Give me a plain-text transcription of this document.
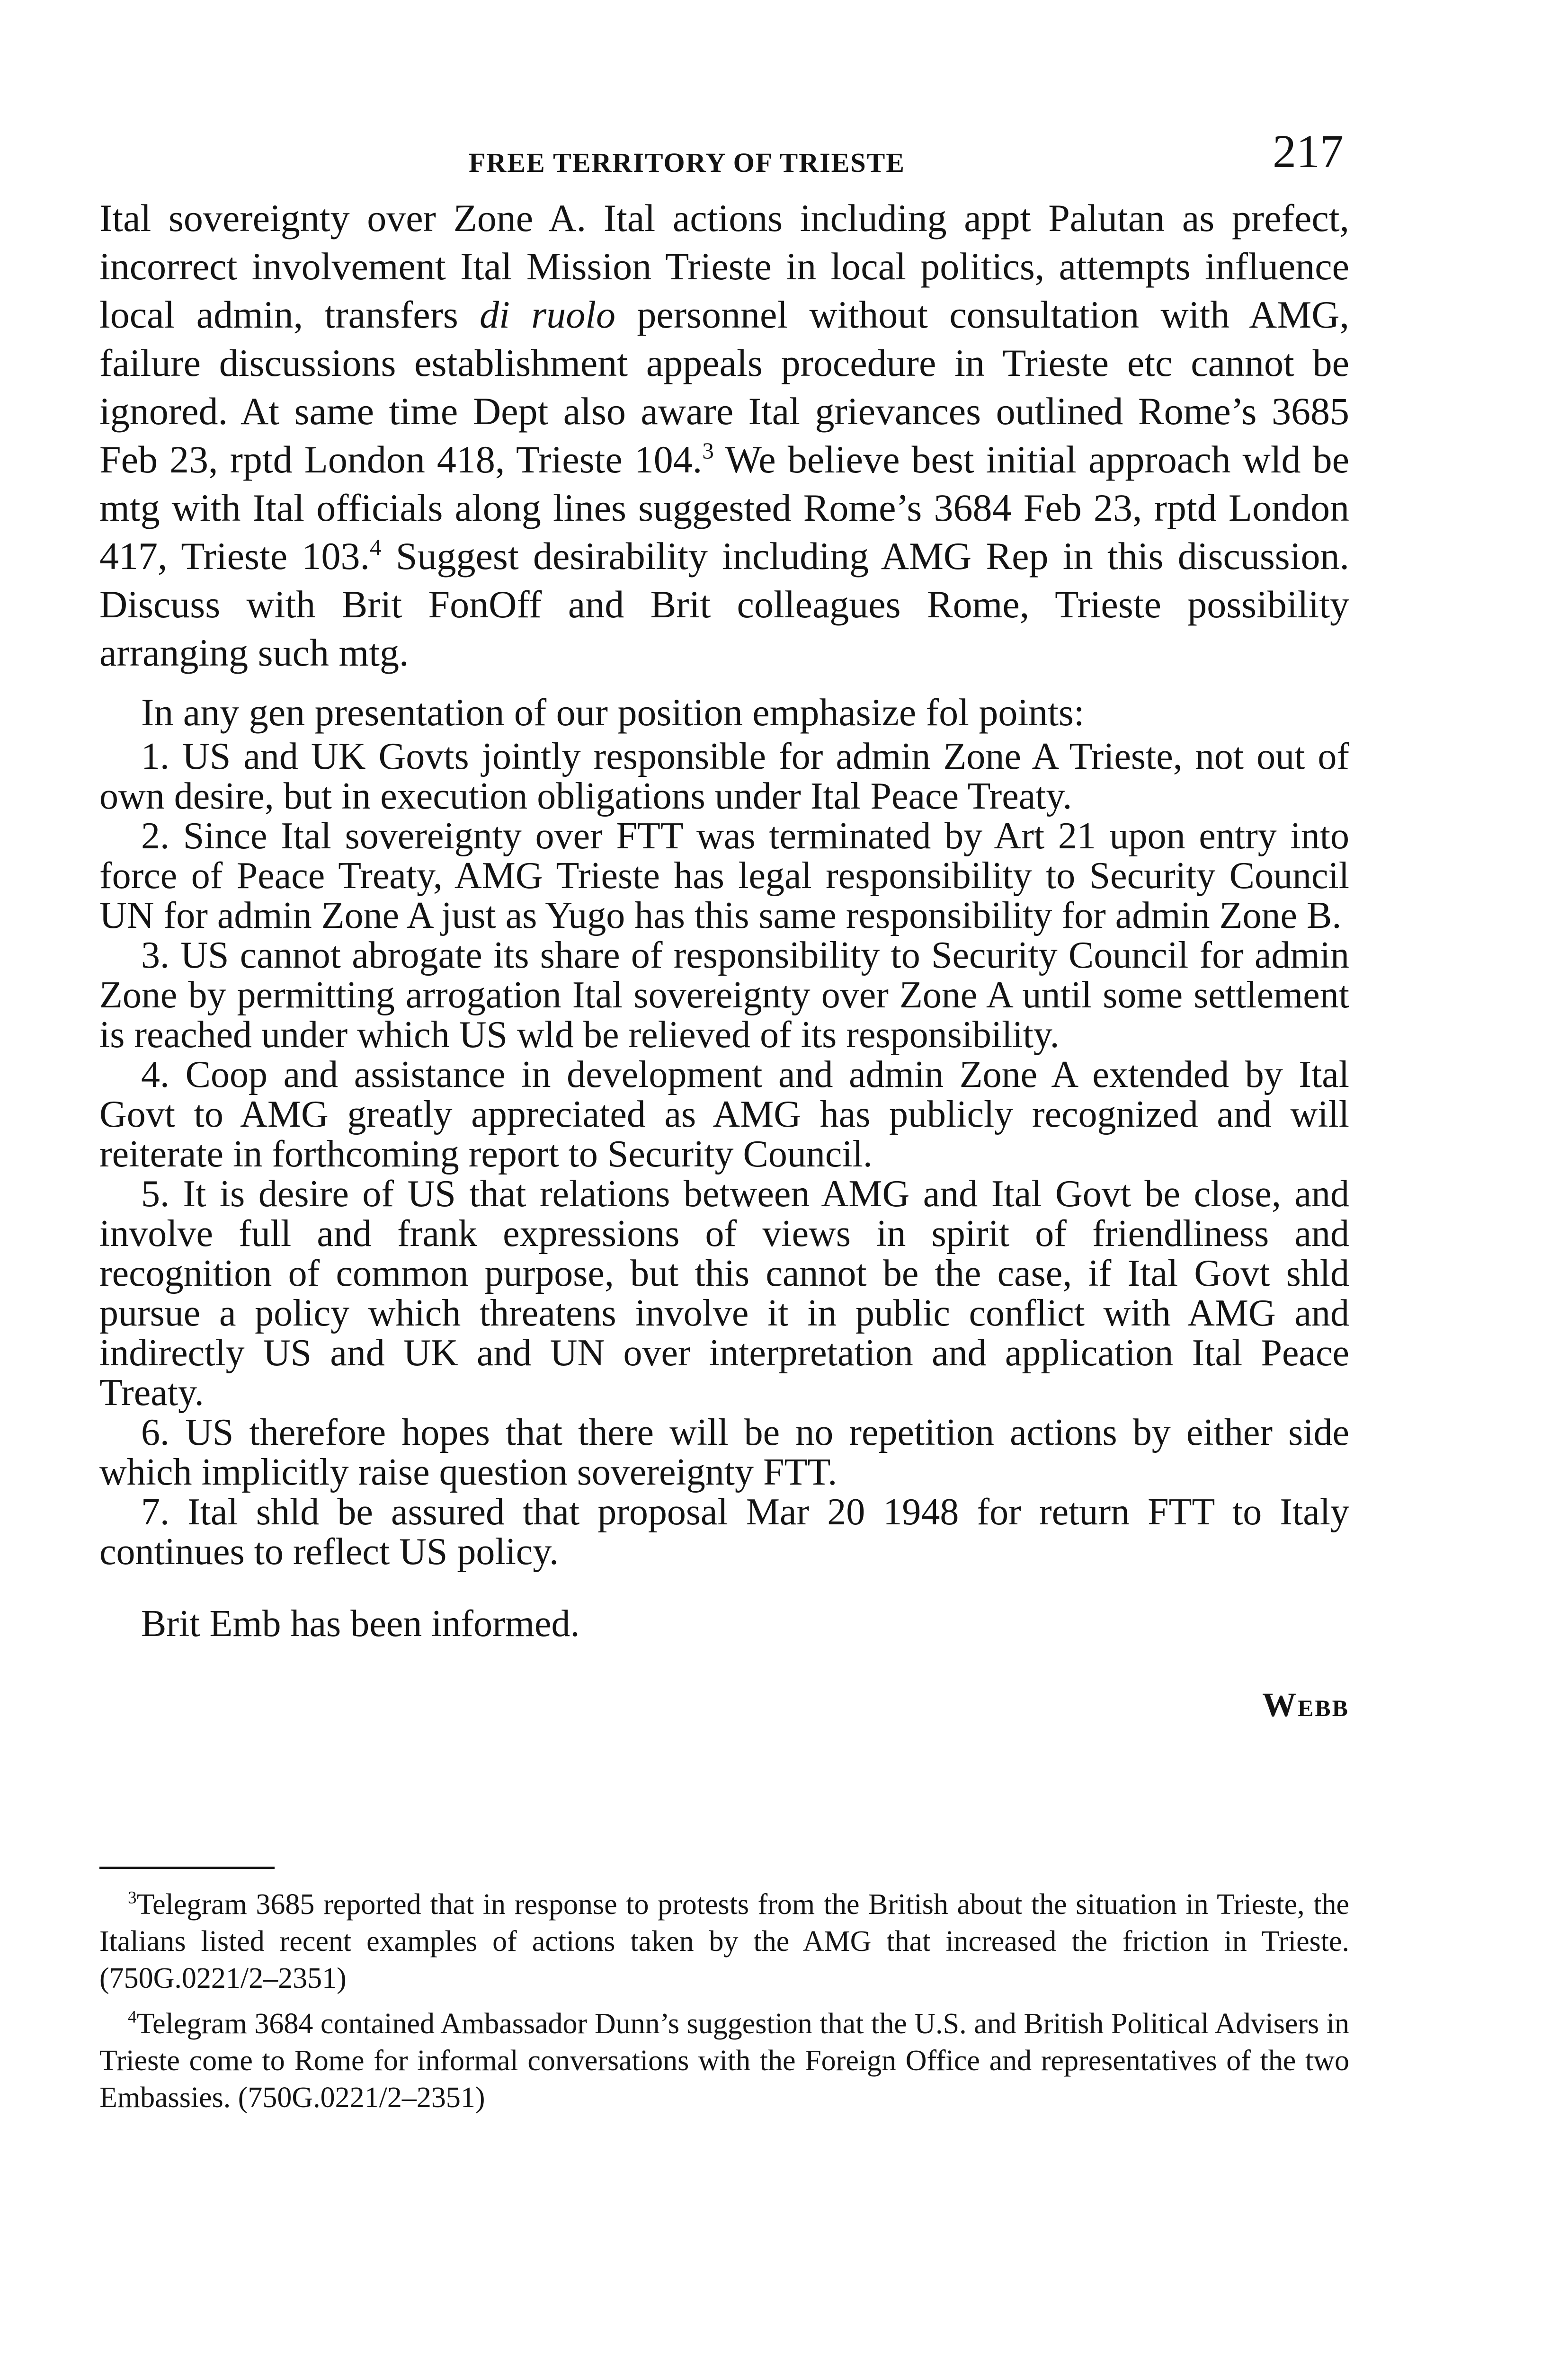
FREE TERRITORY OF TRIESTE	217

Ital sovereignty over Zone A. Ital actions including appt Palutan as prefect, incorrect involvement Ital Mission Trieste in local politics, attempts influence local admin, transfers di ruolo personnel without consultation with AMG, failure discussions establishment appeals procedure in Trieste etc cannot be ignored. At same time Dept also aware Ital grievances outlined Rome’s 3685 Feb 23, rptd London 418, Trieste 104.$^3$ We believe best initial approach wld be mtg with Ital officials along lines suggested Rome’s 3684 Feb 23, rptd London 417, Trieste 103.$^4$ Suggest desirability including AMG Rep in this discussion. Discuss with Brit FonOff and Brit colleagues Rome, Trieste possibility arranging such mtg.

In any gen presentation of our position emphasize fol points:

1. US and UK Govts jointly responsible for admin Zone A Trieste, not out of own desire, but in execution obligations under Ital Peace Treaty.

2. Since Ital sovereignty over FTT was terminated by Art 21 upon entry into force of Peace Treaty, AMG Trieste has legal responsibility to Security Council UN for admin Zone A just as Yugo has this same responsibility for admin Zone B.

3. US cannot abrogate its share of responsibility to Security Council for admin Zone by permitting arrogation Ital sovereignty over Zone A until some settlement is reached under which US wld be relieved of its responsibility.

4. Coop and assistance in development and admin Zone A extended by Ital Govt to AMG greatly appreciated as AMG has publicly recognized and will reiterate in forthcoming report to Security Council.

5. It is desire of US that relations between AMG and Ital Govt be close, and involve full and frank expressions of views in spirit of friendliness and recognition of common purpose, but this cannot be the case, if Ital Govt shld pursue a policy which threatens involve it in public conflict with AMG and indirectly US and UK and UN over interpretation and application Ital Peace Treaty.

6. US therefore hopes that there will be no repetition actions by either side which implicitly raise question sovereignty FTT.

7. Ital shld be assured that proposal Mar 20 1948 for return FTT to Italy continues to reflect US policy.

Brit Emb has been informed.

Webb

$^3$Telegram 3685 reported that in response to protests from the British about the situation in Trieste, the Italians listed recent examples of actions taken by the AMG that increased the friction in Trieste. (750G.0221/2–2351)

$^4$Telegram 3684 contained Ambassador Dunn’s suggestion that the U.S. and British Political Advisers in Trieste come to Rome for informal conversations with the Foreign Office and representatives of the two Embassies. (750G.0221/2–2351)
